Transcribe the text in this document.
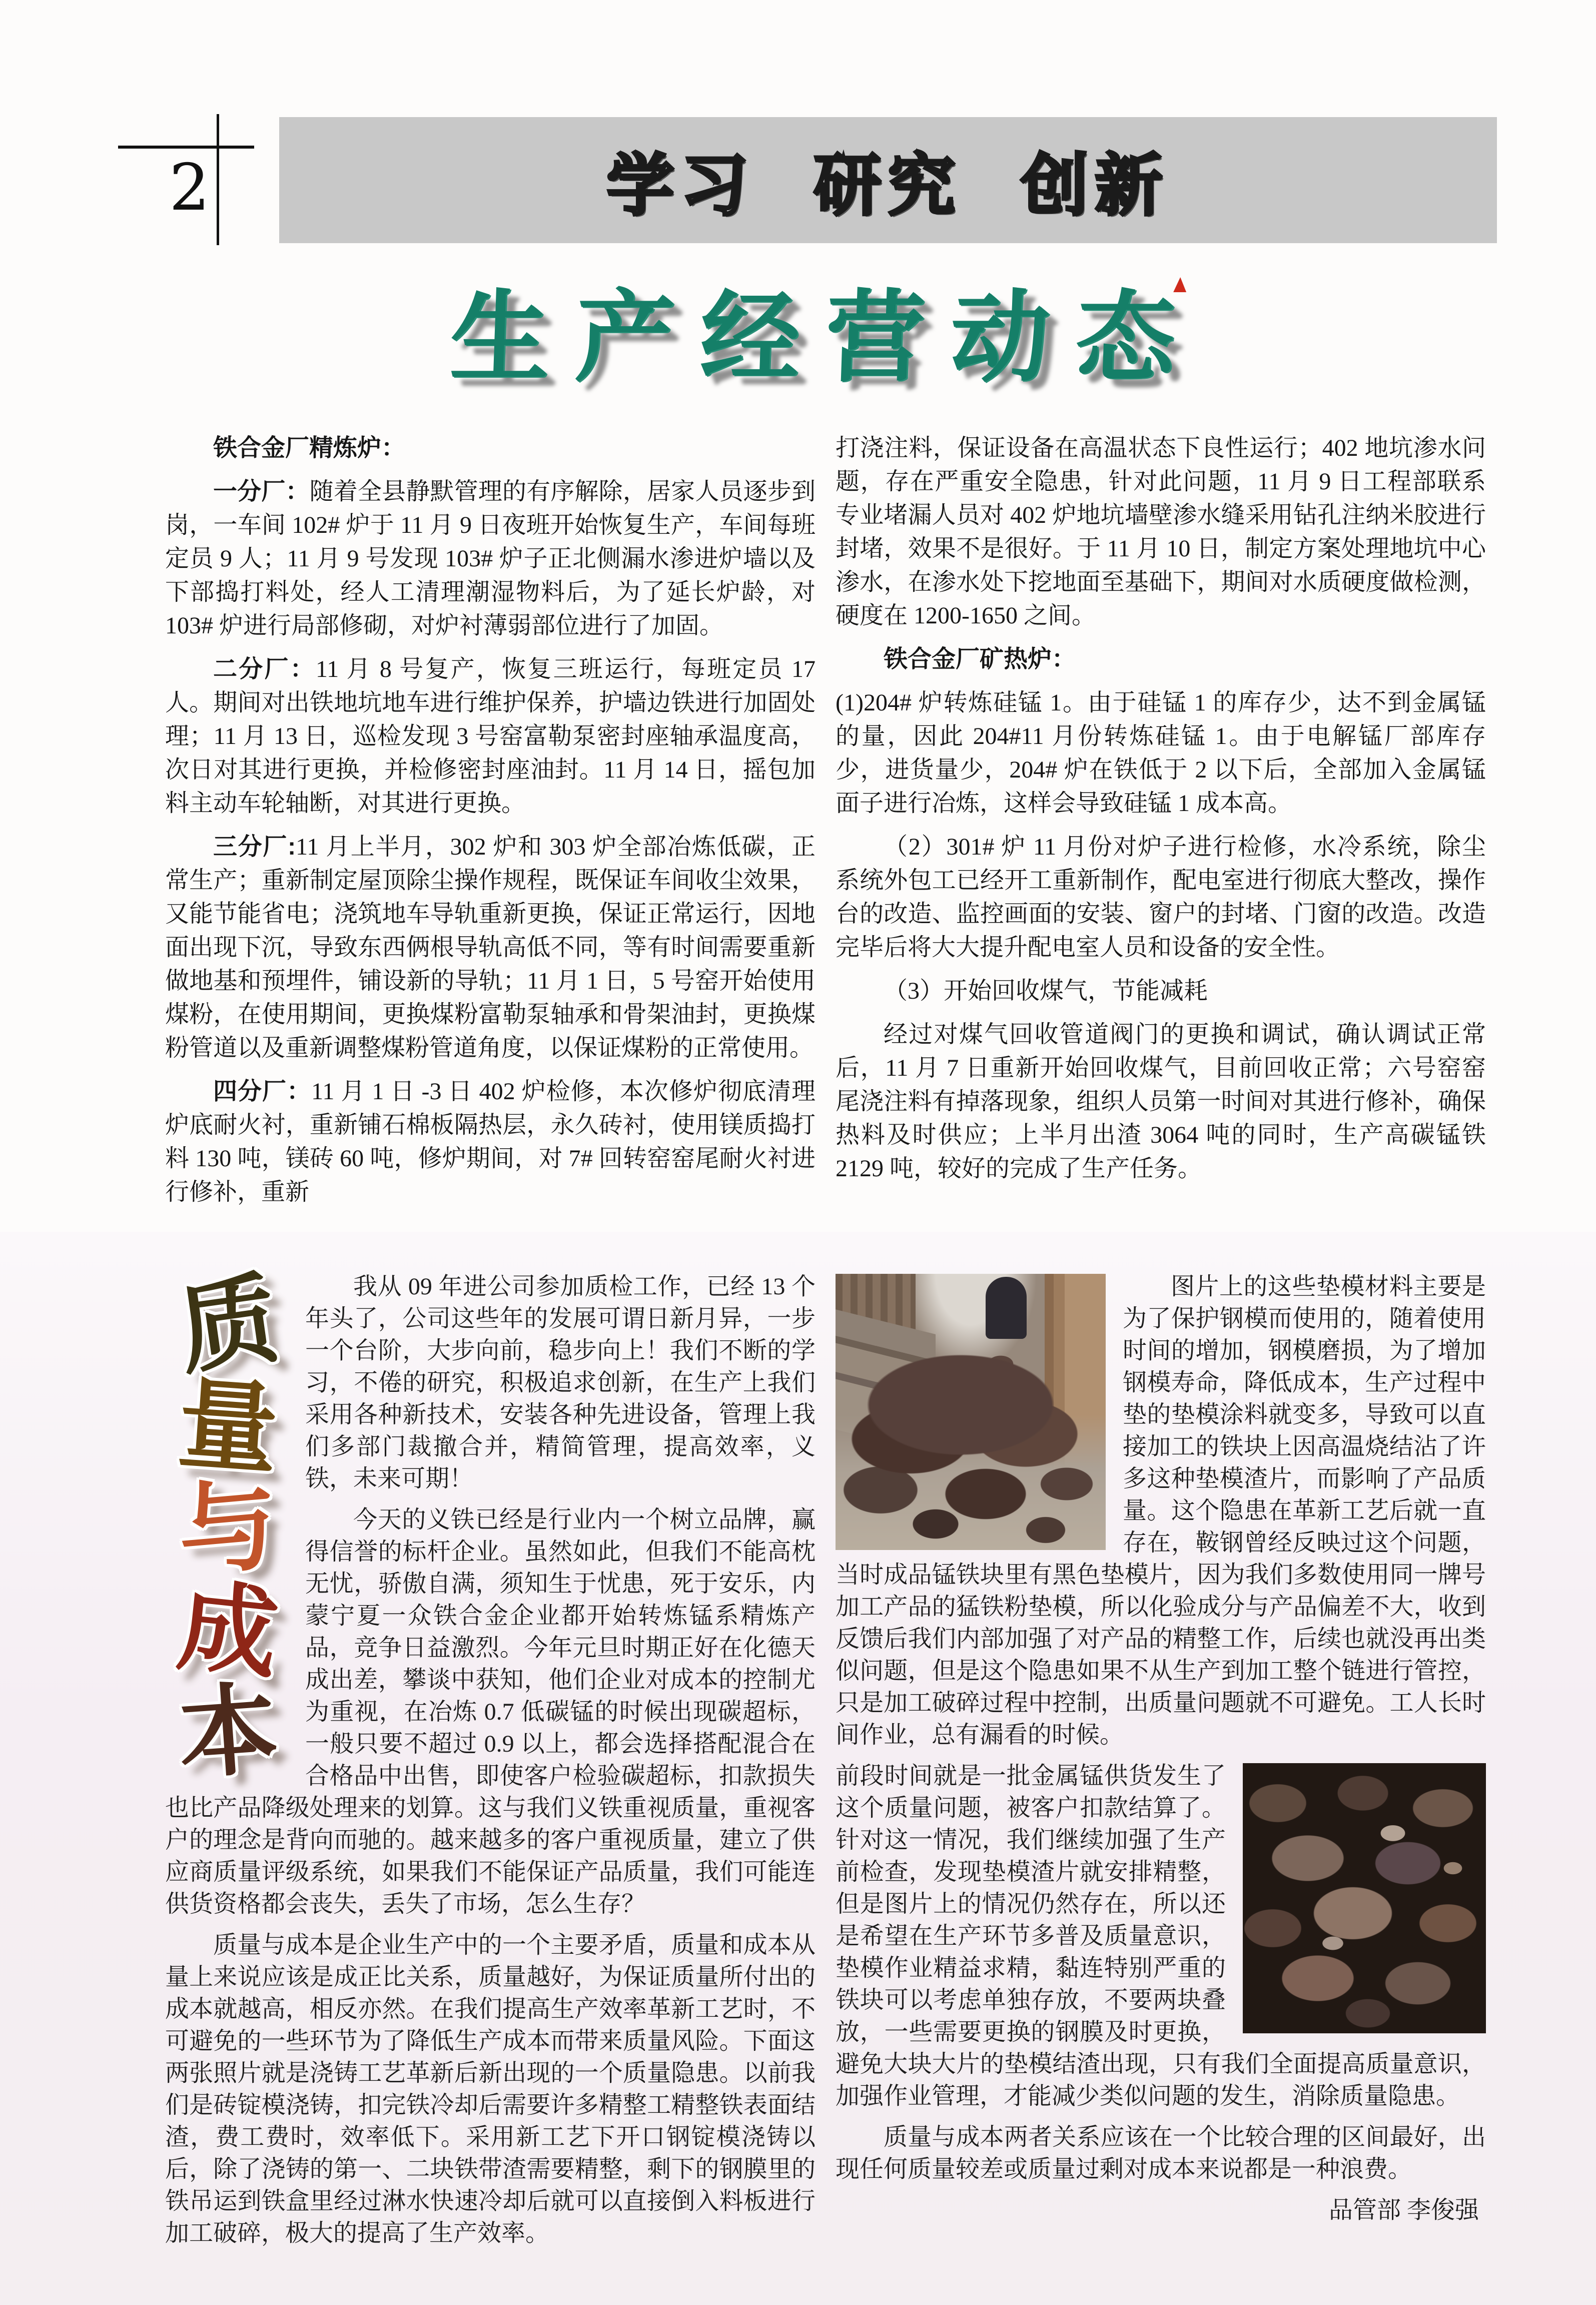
2	学习 研究 创新
生产经营动态

铁合金厂精炼炉：

一分厂：随着全县静默管理的有序解除，居家人员逐步到岗，一车间 102# 炉于 11 月 9 日夜班开始恢复生产，车间每班定员 9 人；11 月 9 号发现 103# 炉子正北侧漏水渗进炉墙以及下部捣打料处，经人工清理潮湿物料后，为了延长炉龄，对 103# 炉进行局部修砌，对炉衬薄弱部位进行了加固。

二分厂：11 月 8 号复产，恢复三班运行，每班定员 17 人。期间对出铁地坑地车进行维护保养，护墙边铁进行加固处理；11 月 13 日，巡检发现 3 号窑富勒泵密封座轴承温度高，次日对其进行更换，并检修密封座油封。11 月 14 日，摇包加料主动车轮轴断，对其进行更换。

三分厂:11 月上半月，302 炉和 303 炉全部冶炼低碳，正常生产；重新制定屋顶除尘操作规程，既保证车间收尘效果，又能节能省电；浇筑地车导轨重新更换，保证正常运行，因地面出现下沉，导致东西俩根导轨高低不同，等有时间需要重新做地基和预埋件，铺设新的导轨；11 月 1 日，5 号窑开始使用煤粉，在使用期间，更换煤粉富勒泵轴承和骨架油封，更换煤粉管道以及重新调整煤粉管道角度，以保证煤粉的正常使用。

四分厂：11 月 1 日 -3 日 402 炉检修，本次修炉彻底清理炉底耐火衬，重新铺石棉板隔热层，永久砖衬，使用镁质捣打料 130 吨，镁砖 60 吨，修炉期间，对 7# 回转窑窑尾耐火衬进行修补，重新

打浇注料，保证设备在高温状态下良性运行；402 地坑渗水问题，存在严重安全隐患，针对此问题，11 月 9 日工程部联系专业堵漏人员对 402 炉地坑墙壁渗水缝采用钻孔注纳米胶进行封堵，效果不是很好。于 11 月 10 日，制定方案处理地坑中心渗水，在渗水处下挖地面至基础下，期间对水质硬度做检测，硬度在 1200-1650 之间。

铁合金厂矿热炉：

(1)204# 炉转炼硅锰 1。由于硅锰 1 的库存少，达不到金属锰的量，因此 204#11 月份转炼硅锰 1。由于电解锰厂部库存少，进货量少，204# 炉在铁低于 2 以下后，全部加入金属锰面子进行冶炼，这样会导致硅锰 1 成本高。

（2）301# 炉 11 月份对炉子进行检修，水冷系统，除尘系统外包工已经开工重新制作，配电室进行彻底大整改，操作台的改造、监控画面的安装、窗户的封堵、门窗的改造。改造完毕后将大大提升配电室人员和设备的安全性。

（3）开始回收煤气，节能减耗

经过对煤气回收管道阀门的更换和调试，确认调试正常后，11 月 7 日重新开始回收煤气，目前回收正常；六号窑窑尾浇注料有掉落现象，组织人员第一时间对其进行修补，确保热料及时供应；上半月出渣 3064 吨的同时，生产高碳锰铁 2129 吨，较好的完成了生产任务。

质
量
与
成
本

我从 09 年进公司参加质检工作，已经 13 个年头了，公司这些年的发展可谓日新月异，一步一个台阶，大步向前，稳步向上！我们不断的学习，不倦的研究，积极追求创新，在生产上我们采用各种新技术，安装各种先进设备，管理上我们多部门裁撤合并，精简管理，提高效率，义铁，未来可期！

今天的义铁已经是行业内一个树立品牌，赢得信誉的标杆企业。虽然如此，但我们不能高枕无忧，骄傲自满，须知生于忧患，死于安乐，内蒙宁夏一众铁合金企业都开始转炼锰系精炼产品，竞争日益激烈。今年元旦时期正好在化德天成出差，攀谈中获知，他们企业对成本的控制尤为重视，在冶炼 0.7 低碳锰的时候出现碳超标，一般只要不超过 0.9 以上，都会选择搭配混合在合格品中出售，即使客户检验碳超标，扣款损失也比产品降级处理来的划算。这与我们义铁重视质量，重视客户的理念是背向而驰的。越来越多的客户重视质量，建立了供应商质量评级系统，如果我们不能保证产品质量，我们可能连供货资格都会丧失，丢失了市场，怎么生存？

质量与成本是企业生产中的一个主要矛盾，质量和成本从量上来说应该是成正比关系，质量越好，为保证质量所付出的成本就越高，相反亦然。在我们提高生产效率革新工艺时，不可避免的一些环节为了降低生产成本而带来质量风险。下面这两张照片就是浇铸工艺革新后新出现的一个质量隐患。以前我们是砖锭模浇铸，扣完铁冷却后需要许多精整工精整铁表面结渣，费工费时，效率低下。采用新工艺下开口钢锭模浇铸以后，除了浇铸的第一、二块铁带渣需要精整，剩下的钢膜里的铁吊运到铁盒里经过淋水快速冷却后就可以直接倒入料板进行加工破碎，极大的提高了生产效率。

图片上的这些垫模材料主要是为了保护钢模而使用的，随着使用时间的增加，钢模磨损，为了增加钢模寿命，降低成本，生产过程中垫的垫模涂料就变多，导致可以直接加工的铁块上因高温烧结沾了许多这种垫模渣片，而影响了产品质量。这个隐患在革新工艺后就一直存在，鞍钢曾经反映过这个问题，当时成品锰铁块里有黑色垫模片，因为我们多数使用同一牌号加工产品的猛铁粉垫模，所以化验成分与产品偏差不大，收到反馈后我们内部加强了对产品的精整工作，后续也就没再出类似问题，但是这个隐患如果不从生产到加工整个链进行管控，只是加工破碎过程中控制，出质量问题就不可避免。工人长时间作业，总有漏看的时候。

前段时间就是一批金属锰供货发生了这个质量问题，被客户扣款结算了。针对这一情况，我们继续加强了生产前检查，发现垫模渣片就安排精整，但是图片上的情况仍然存在，所以还是希望在生产环节多普及质量意识，垫模作业精益求精，黏连特别严重的铁块可以考虑单独存放，不要两块叠放，一些需要更换的钢膜及时更换，避免大块大片的垫模结渣出现，只有我们全面提高质量意识，加强作业管理，才能减少类似问题的发生，消除质量隐患。

质量与成本两者关系应该在一个比较合理的区间最好，出现任何质量较差或质量过剩对成本来说都是一种浪费。

品管部 李俊强
